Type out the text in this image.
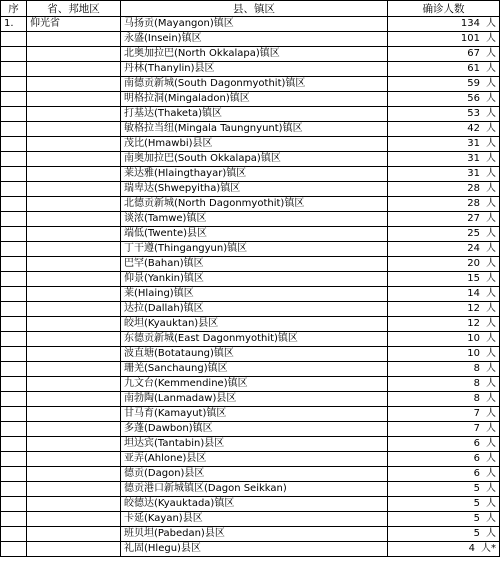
序	省、邦地区	县、镇区	确诊人数
1.	仰光省	马扬贡(Mayangon)镇区	134 人
		永盛(Insein)镇区	101 人
		北奥加拉巴(North Okkalapa)镇区	67 人
		丹林(Thanylin)县区	61 人
		南德贡新城(South Dagonmyothit)镇区	59 人
		明格拉洞(Mingaladon)镇区	56 人
		打基达(Thaketa)镇区	53 人
		敏格拉当纽(Mingala Taungnyunt)镇区	42 人
		茂比(Hmawbi)县区	31 人
		南奥加拉巴(South Okkalapa)镇区	31 人
		莱达雅(Hlaingthayar)镇区	31 人
		瑞卑达(Shwepyitha)镇区	28 人
		北德贡新城(North Dagonmyothit)镇区	28 人
		谈浓(Tamwe)镇区	27 人
		端低(Twente)县区	25 人
		丁干遵(Thingangyun)镇区	24 人
		巴罕(Bahan)镇区	20 人
		仰景(Yankin)镇区	15 人
		莱(Hlaing)镇区	14 人
		达拉(Dallah)镇区	12 人
		皎坦(Kyauktan)县区	12 人
		东德贡新城(East Dagonmyothit)镇区	10 人
		波直塘(Botataung)镇区	10 人
		珊羌(Sanchaung)镇区	8 人
		九文台(Kemmendine)镇区	8 人
		南勃陶(Lanmadaw)县区	8 人
		甘马育(Kamayut)镇区	7 人
		多蓬(Dawbon)镇区	7 人
		坦达宾(Tantabin)县区	6 人
		亚弄(Ahlone)县区	6 人
		德贡(Dagon)县区	6 人
		德贡港口新城镇区(Dagon Seikkan)	5 人
		皎德达(Kyauktada)镇区	5 人
		卡延(Kayan)县区	5 人
		班贝坦(Pabedan)县区	5 人
		礼固(Hlegu)县区	4 人*
